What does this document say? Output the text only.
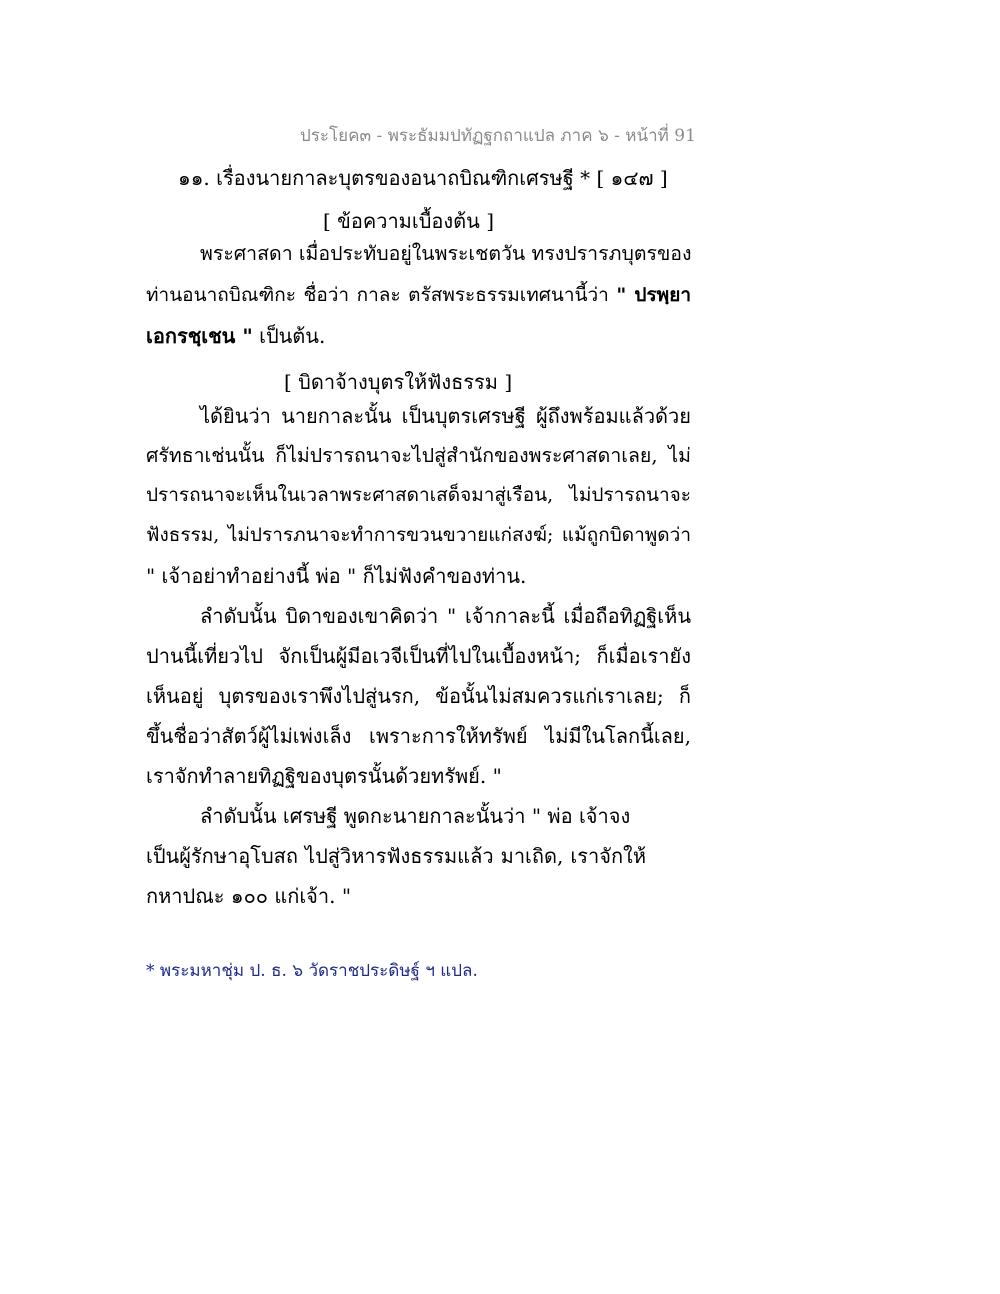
ประโยค๓ - พระธัมมปทัฏฐกถาแปล ภาค ๖ - หน้าที่ 91
๑๑. เรื่องนายกาละบุตรของอนาถบิณฑิกเศรษฐี * [ ๑๔๗ ]
[ ข้อความเบื้องต้น ]
พระศาสดา เมื่อประทับอยู่ในพระเชตวัน ทรงปรารภบุตรของ
ท่านอนาถบิณฑิกะ ชื่อว่า กาละ ตรัสพระธรรมเทศนานี้ว่า " ปรพฺยา
เอกรชฺเชน " เป็นต้น.
[ บิดาจ้างบุตรให้ฟังธรรม ]
ได้ยินว่า นายกาละนั้น เป็นบุตรเศรษฐี ผู้ถึงพร้อมแล้วด้วย
ศรัทธาเช่นนั้น ก็ไม่ปรารถนาจะไปสู่สำนักของพระศาสดาเลย, ไม่
ปรารถนาจะเห็นในเวลาพระศาสดาเสด็จมาสู่เรือน, ไม่ปรารถนาจะ
ฟังธรรม, ไม่ปรารภนาจะทำการขวนขวายแก่สงฆ์; แม้ถูกบิดาพูดว่า
" เจ้าอย่าทำอย่างนี้ พ่อ " ก็ไม่ฟังคำของท่าน.
ลำดับนั้น บิดาของเขาคิดว่า " เจ้ากาละนี้ เมื่อถือทิฏฐิเห็น
ปานนี้เที่ยวไป จักเป็นผู้มีอเวจีเป็นที่ไปในเบื้องหน้า; ก็เมื่อเรายัง
เห็นอยู่ บุตรของเราพึงไปสู่นรก, ข้อนั้นไม่สมควรแก่เราเลย; ก็
ขึ้นชื่อว่าสัตว์ผู้ไม่เพ่งเล็ง เพราะการให้ทรัพย์ ไม่มีในโลกนี้เลย,
เราจักทำลายทิฏฐิของบุตรนั้นด้วยทรัพย์. "
ลำดับนั้น เศรษฐี พูดกะนายกาละนั้นว่า " พ่อ เจ้าจง
เป็นผู้รักษาอุโบสถ ไปสู่วิหารฟังธรรมแล้ว มาเถิด, เราจักให้
กหาปณะ ๑๐๐ แก่เจ้า. "
* พระมหาชุ่ม ป. ธ. ๖ วัดราชประดิษฐ์ ฯ แปล.
